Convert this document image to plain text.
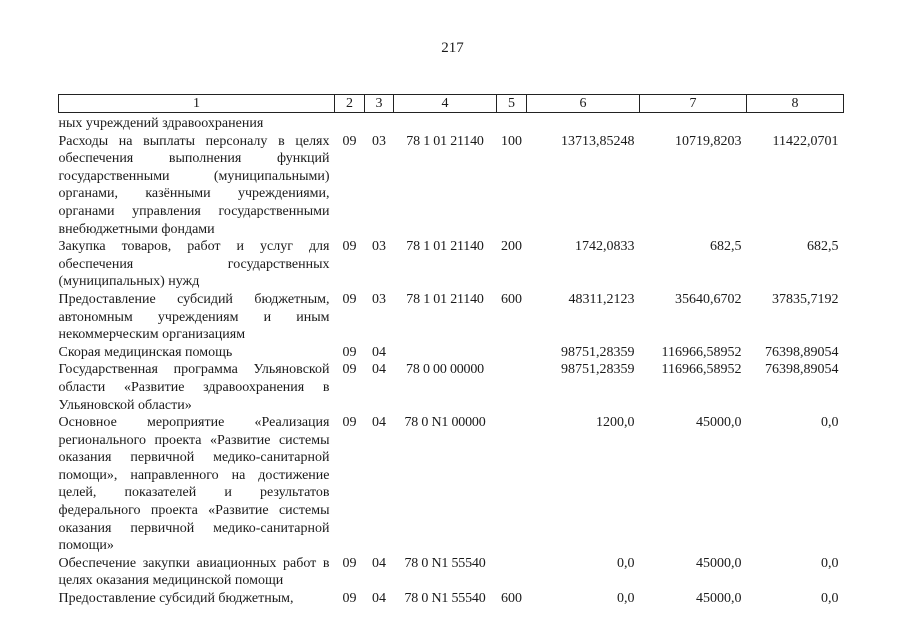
217
1	2	3	4	5	6	7	8
ных учреждений здравоохранения							
Расходы на выплаты персоналу в целях обеспечения выполнения функций государственными (муниципальными) органами, казёнными учреждениями, органами управления государственными внебюджетными фондами	09	03	78 1 01 21140	100	13713,85248	10719,8203	11422,0701
Закупка товаров, работ и услуг для обеспечения государственных (муниципальных) нужд	09	03	78 1 01 21140	200	1742,0833	682,5	682,5
Предоставление субсидий бюджетным, автономным учреждениям и иным некоммерческим организациям	09	03	78 1 01 21140	600	48311,2123	35640,6702	37835,7192
Скорая медицинская помощь	09	04			98751,28359	116966,58952	76398,89054
Государственная программа Ульяновской области «Развитие здравоохранения в Ульяновской области»	09	04	78 0 00 00000		98751,28359	116966,58952	76398,89054
Основное мероприятие «Реализация регионального проекта «Развитие системы оказания первичной медико-санитарной помощи», направленного на достижение целей, показателей и результатов федерального проекта «Развитие системы оказания первичной медико-санитарной помощи»	09	04	78 0 N1 00000		1200,0	45000,0	0,0
Обеспечение закупки авиационных работ в целях оказания медицинской помощи	09	04	78 0 N1 55540		0,0	45000,0	0,0
Предоставление субсидий бюджетным,	09	04	78 0 N1 55540	600	0,0	45000,0	0,0
